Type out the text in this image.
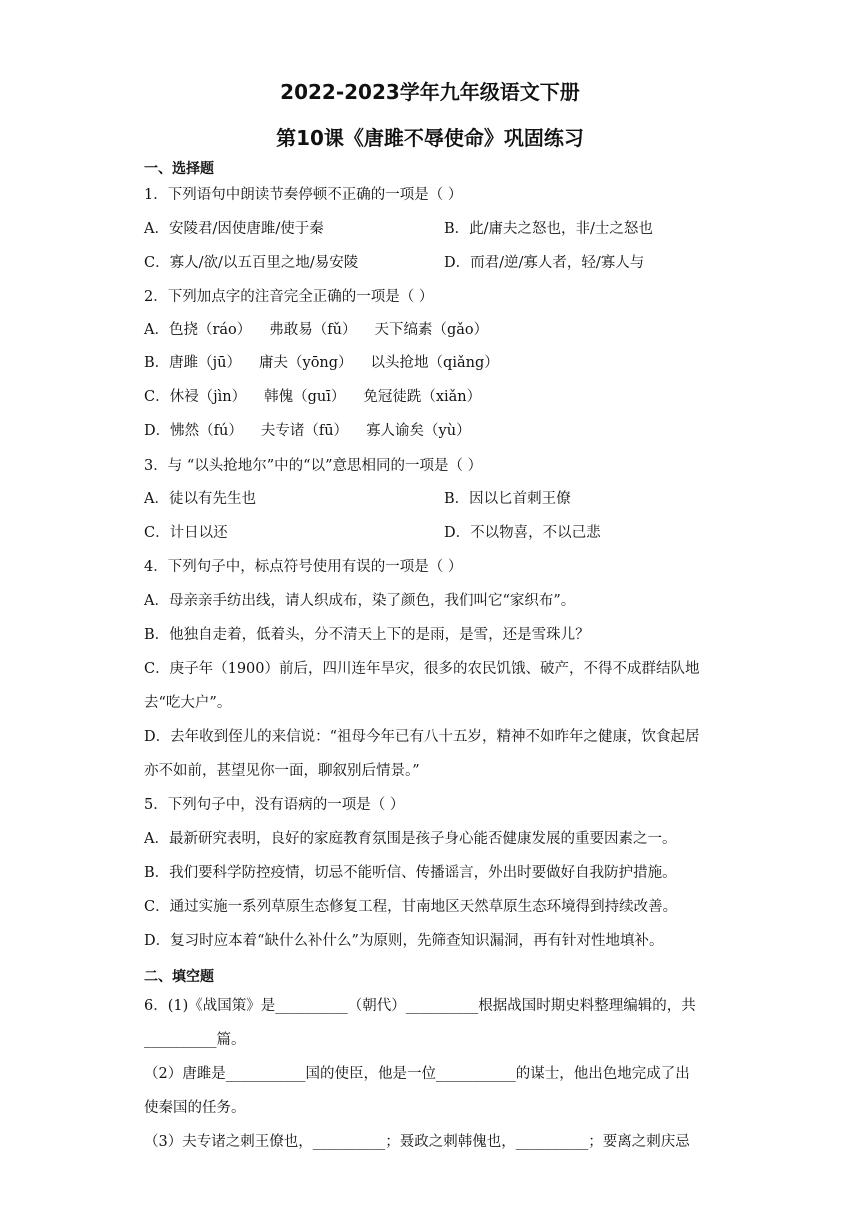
2022-2023学年九年级语文下册
第10课《唐雎不辱使命》巩固练习
一、选择题
1．下列语句中朗读节奏停顿不正确的一项是（ ）
A．安陵君/因使唐雎/使于秦	B．此/庸夫之怒也，非/士之怒也
C．寡人/欲/以五百里之地/易安陵	D．而君/逆/寡人者，轻/寡人与
2．下列加点字的注音完全正确的一项是（ ）
A．色挠（ráo） 弗敢易（fǔ） 天下缟素（gǎo）
B．唐雎（jū） 庸夫（yōng） 以头抢地（qiǎng）
C．休祲（jìn） 韩傀（guī） 免冠徒跣（xiǎn）
D．怫然（fú） 夫专诸（fū） 寡人谕矣（yù）
3．与 “以头抢地尔”中的“以”意思相同的一项是（ ）
A．徒以有先生也	B．因以匕首刺王僚
C．计日以还	D．不以物喜，不以己悲
4．下列句子中，标点符号使用有误的一项是（ ）
A．母亲亲手纺出线，请人织成布，染了颜色，我们叫它“家织布”。
B．他独自走着，低着头，分不清天上下的是雨，是雪，还是雪珠儿？
C．庚子年（1900）前后，四川连年旱灾，很多的农民饥饿、破产，不得不成群结队地
去“吃大户”。
D．去年收到侄儿的来信说：“祖母今年已有八十五岁，精神不如昨年之健康，饮食起居
亦不如前，甚望见你一面，聊叙别后情景。”
5．下列句子中，没有语病的一项是（ ）
A．最新研究表明，良好的家庭教育氛围是孩子身心能否健康发展的重要因素之一。
B．我们要科学防控疫情，切忌不能听信、传播谣言，外出时要做好自我防护措施。
C．通过实施一系列草原生态修复工程，甘南地区天然草原生态环境得到持续改善。
D．复习时应本着“缺什么补什么”为原则，先筛查知识漏洞，再有针对性地填补。
二、填空题
6．(1)《战国策》是__________（朝代）__________根据战国时期史料整理编辑的，共
__________篇。
（2）唐雎是___________国的使臣，他是一位___________的谋士，他出色地完成了出
使秦国的任务。
（3）夫专诸之刺王僚也，__________；聂政之刺韩傀也，__________；要离之刺庆忌
